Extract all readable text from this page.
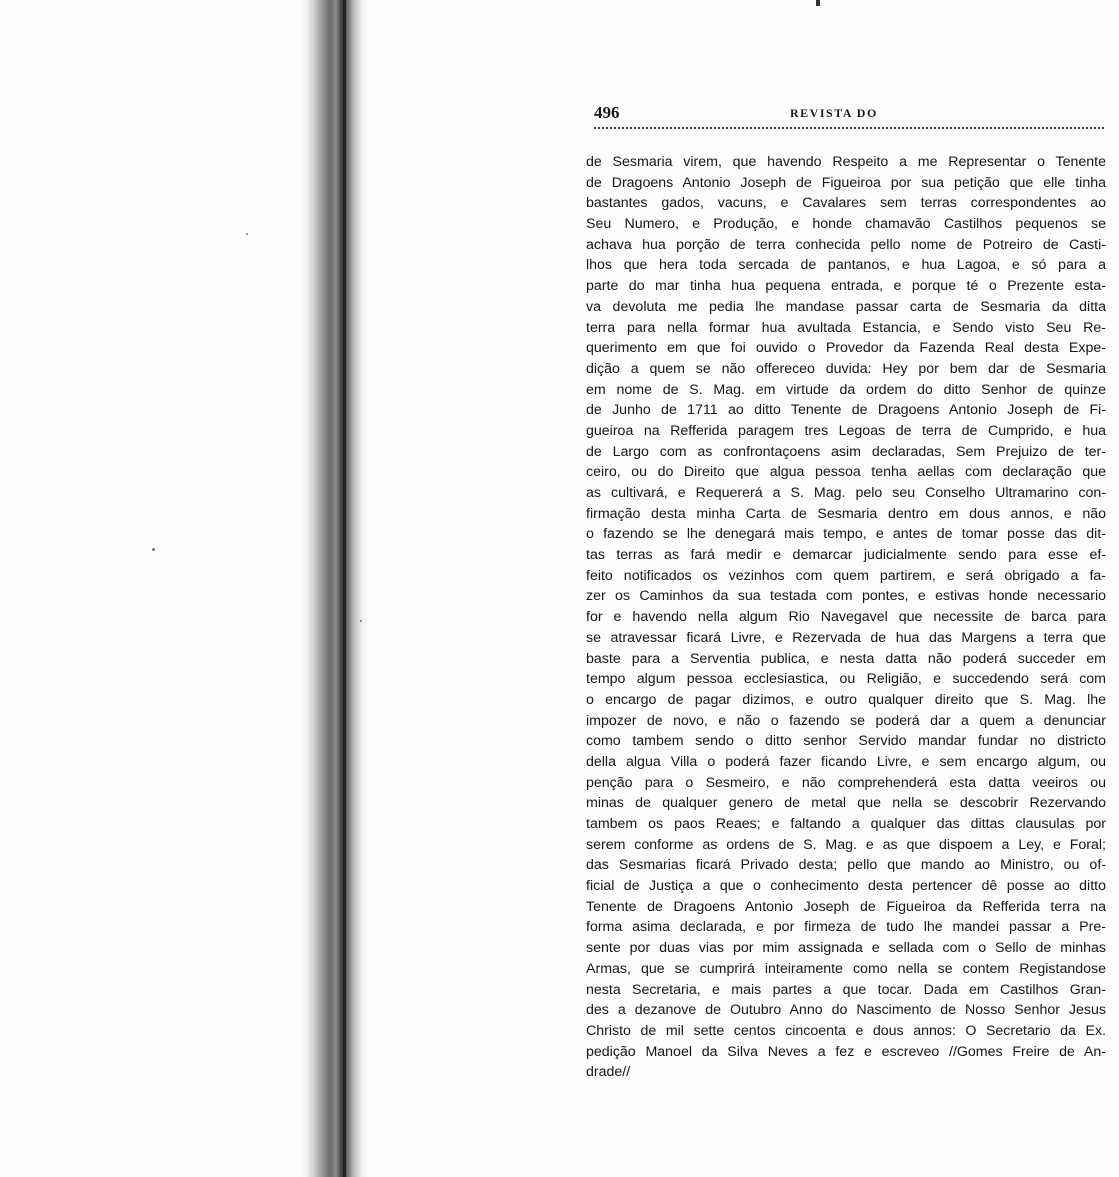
496	REVISTA DO
de Sesmaria virem, que havendo Respeito a me Representar o Tenente
de Dragoens Antonio Joseph de Figueiroa por sua petição que elle tinha
bastantes gados, vacuns, e Cavalares sem terras correspondentes ao
Seu Numero, e Produção, e honde chamavão Castilhos pequenos se
achava hua porção de terra conhecida pello nome de Potreiro de Casti-
lhos que hera toda sercada de pantanos, e hua Lagoa, e só para a
parte do mar tinha hua pequena entrada, e porque té o Prezente esta-
va devoluta me pedia lhe mandase passar carta de Sesmaria da ditta
terra para nella formar hua avultada Estancia, e Sendo visto Seu Re-
querimento em que foi ouvido o Provedor da Fazenda Real desta Expe-
dição a quem se não offereceo duvida: Hey por bem dar de Sesmaria
em nome de S. Mag. em virtude da ordem do ditto Senhor de quinze
de Junho de 1711 ao ditto Tenente de Dragoens Antonio Joseph de Fi-
gueiroa na Refferida paragem tres Legoas de terra de Cumprido, e hua
de Largo com as confrontaçoens asim declaradas, Sem Prejuizo de ter-
ceiro, ou do Direito que algua pessoa tenha aellas com declaração que
as cultivará, e Requererá a S. Mag. pelo seu Conselho Ultramarino con-
firmação desta minha Carta de Sesmaria dentro em dous annos, e não
o fazendo se lhe denegará mais tempo, e antes de tomar posse das dit-
tas terras as fará medir e demarcar judicialmente sendo para esse ef-
feito notificados os vezinhos com quem partirem, e será obrigado a fa-
zer os Caminhos da sua testada com pontes, e estivas honde necessario
for e havendo nella algum Rio Navegavel que necessite de barca para
se atravessar ficará Livre, e Rezervada de hua das Margens a terra que
baste para a Serventia publica, e nesta datta não poderá succeder em
tempo algum pessoa ecclesiastica, ou Religião, e succedendo será com
o encargo de pagar dizimos, e outro qualquer direito que S. Mag. lhe
impozer de novo, e não o fazendo se poderá dar a quem a denunciar
como tambem sendo o ditto senhor Servido mandar fundar no districto
della algua Villa o poderá fazer ficando Livre, e sem encargo algum, ou
penção para o Sesmeiro, e não comprehenderá esta datta veeiros ou
minas de qualquer genero de metal que nella se descobrir Rezervando
tambem os paos Reaes; e faltando a qualquer das dittas clausulas por
serem conforme as ordens de S. Mag. e as que dispoem a Ley, e Foral;
das Sesmarias ficará Privado desta; pello que mando ao Ministro, ou of-
ficial de Justiça a que o conhecimento desta pertencer dê posse ao ditto
Tenente de Dragoens Antonio Joseph de Figueiroa da Refferida terra na
forma asima declarada, e por firmeza de tudo lhe mandei passar a Pre-
sente por duas vias por mim assignada e sellada com o Sello de minhas
Armas, que se cumprirá inteiramente como nella se contem Registandose
nesta Secretaria, e mais partes a que tocar. Dada em Castilhos Gran-
des a dezanove de Outubro Anno do Nascimento de Nosso Senhor Jesus
Christo de mil sette centos cincoenta e dous annos: O Secretario da Ex.
pedição Manoel da Silva Neves a fez e escreveo //Gomes Freire de An-
drade//
